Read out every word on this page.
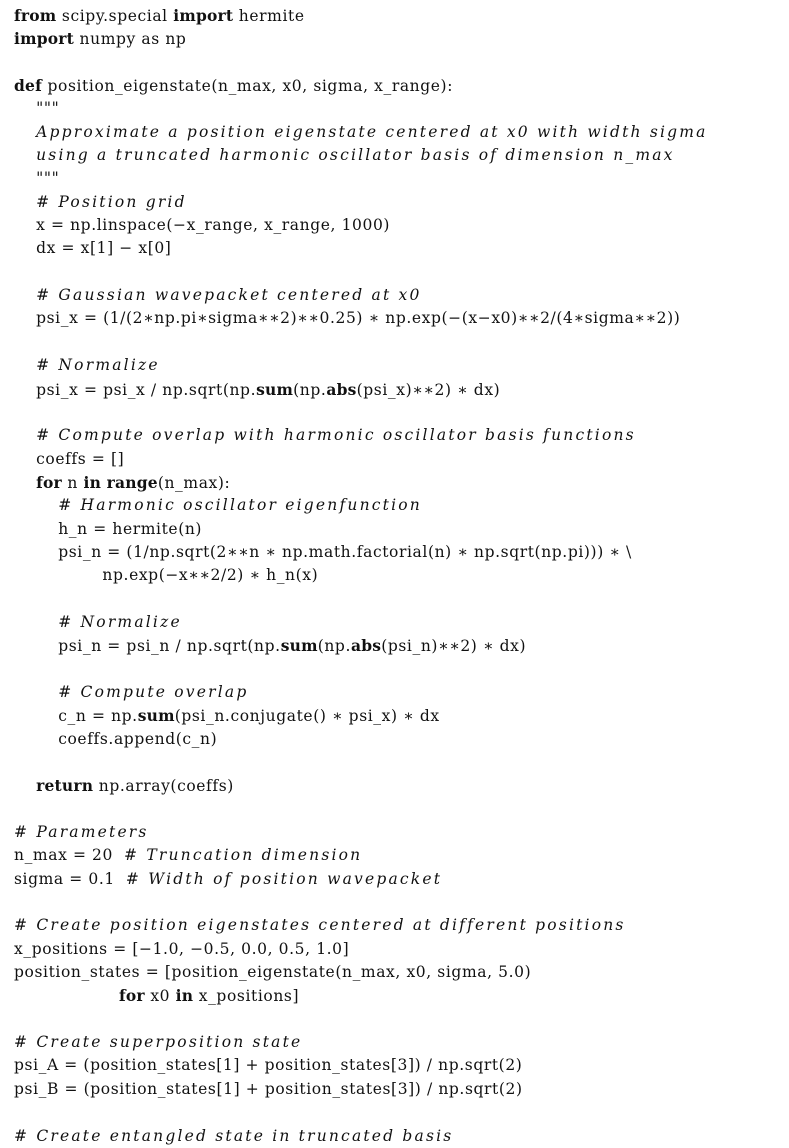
from scipy.special import hermite
import numpy as np
def position_eigenstate(n_max, x0, sigma, x_range):
"""
Approximate a position eigenstate centered at x0 with width sigma
using a truncated harmonic oscillator basis of dimension n_max
"""
# Position grid
x = np.linspace(−x_range, x_range, 1000)
dx = x[1] − x[0]
# Gaussian wavepacket centered at x0
psi_x = (1/(2∗np.pi∗sigma∗∗2)∗∗0.25) ∗ np.exp(−(x−x0)∗∗2/(4∗sigma∗∗2))
# Normalize
psi_x = psi_x / np.sqrt(np.sum(np.abs(psi_x)∗∗2) ∗ dx)
# Compute overlap with harmonic oscillator basis functions
coeffs = []
for n in range(n_max):
# Harmonic oscillator eigenfunction
h_n = hermite(n)
psi_n = (1/np.sqrt(2∗∗n ∗ np.math.factorial(n) ∗ np.sqrt(np.pi))) ∗ \
np.exp(−x∗∗2/2) ∗ h_n(x)
# Normalize
psi_n = psi_n / np.sqrt(np.sum(np.abs(psi_n)∗∗2) ∗ dx)
# Compute overlap
c_n = np.sum(psi_n.conjugate() ∗ psi_x) ∗ dx
coeffs.append(c_n)
return np.array(coeffs)
# Parameters
n_max = 20  # Truncation dimension
sigma = 0.1  # Width of position wavepacket
# Create position eigenstates centered at different positions
x_positions = [−1.0, −0.5, 0.0, 0.5, 1.0]
position_states = [position_eigenstate(n_max, x0, sigma, 5.0)
for x0 in x_positions]
# Create superposition state
psi_A = (position_states[1] + position_states[3]) / np.sqrt(2)
psi_B = (position_states[1] + position_states[3]) / np.sqrt(2)
# Create entangled state in truncated basis
